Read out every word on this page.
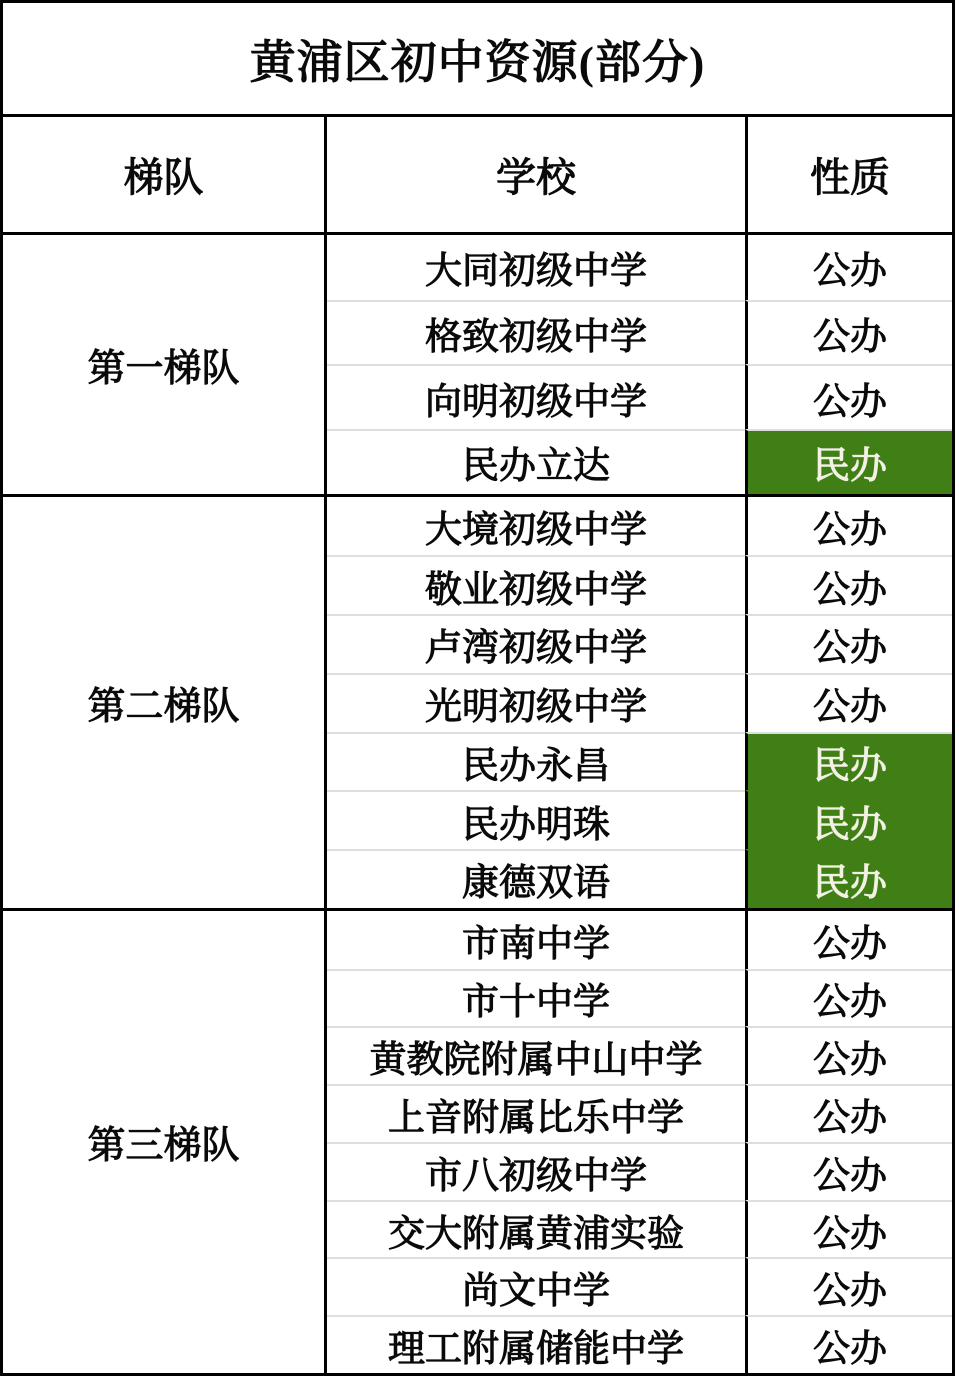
黄浦区初中资源(部分)
梯队	学校	性质
第一梯队
大同初级中学	公办
格致初级中学	公办
向明初级中学	公办
民办立达	民办
第二梯队
大境初级中学	公办
敬业初级中学	公办
卢湾初级中学	公办
光明初级中学	公办
民办永昌	民办
民办明珠	民办
康德双语	民办
第三梯队
市南中学	公办
市十中学	公办
黄教院附属中山中学	公办
上音附属比乐中学	公办
市八初级中学	公办
交大附属黄浦实验	公办
尚文中学	公办
理工附属储能中学	公办
